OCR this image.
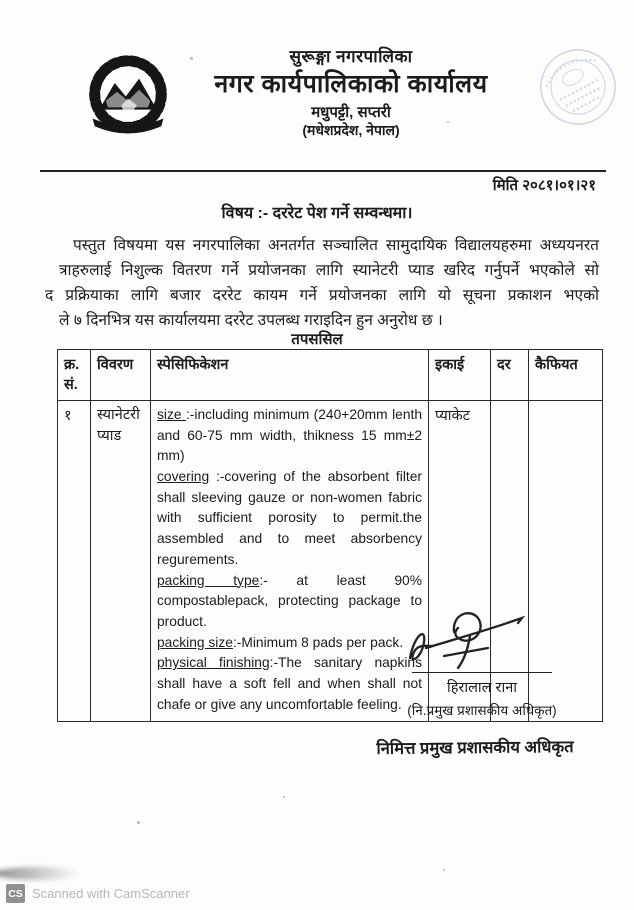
सुरूङ्गा नगरपालिका
नगर कार्यपालिकाको कार्यालय
मधुपट्टी, सप्तरी
(मधेशप्रदेश, नेपाल)
मिति २०८१।०१।२१
विषय :- दररेट पेश गर्ने सम्वन्धमा।
पस्तुत विषयमा यस नगरपालिका अनतर्गत सञ्चालित सामुदायिक विद्यालयहरुमा अध्ययनरत
त्राहरुलाई निशुल्क वितरण गर्ने प्रयोजनका लागि स्यानेटरी प्याड खरिद गर्नुपर्ने भएकोले सो
द प्रक्रियाका लागि बजार दररेट कायम गर्ने प्रयोजनका लागि यो सूचना प्रकाशन भएको
ले ७ दिनभित्र यस कार्यालयमा दररेट उपलब्ध गराइदिन हुन अनुरोध छ ।
तपससिल
क्र. सं.	विवरण	स्पेसिफिकेशन	इकाई	दर	कैफियत
१	स्यानेटरी प्याड	size :-including minimum (240+20mm lenth and 60-75 mm width, thikness 15 mm±2 mm)
covering :-covering of the absorbent filter shall sleeving gauze or non-women fabric with sufficient porosity to permit.the assembled and to meet absorbency regurements.
packing type:- at least 90% compostablepack, protecting package to product.
packing size:-Minimum 8 pads per pack.
physical finishing:-The sanitary napkins shall have a soft fell and when shall not chafe or give any uncomfortable feeling.	प्याकेट		
हिरालाल राना
(नि.प्रमुख प्रशासकीय अधिकृत)
निमित्त प्रमुख प्रशासकीय अधिकृत
CS Scanned with CamScanner
